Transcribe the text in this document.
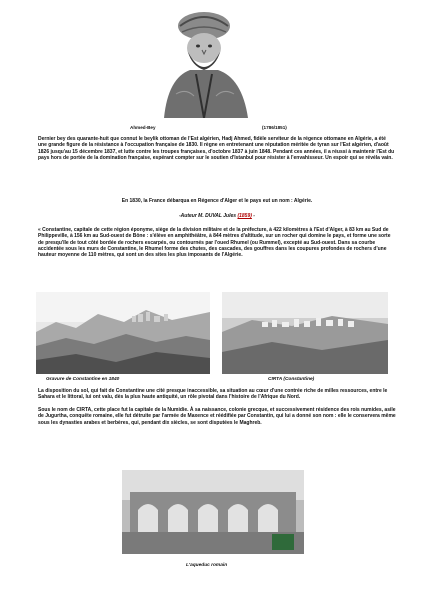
Ahmed-Bey	(1786/1851)
Dernier bey des quarante-huit que connut le beylik ottoman de l'Est algérien, Hadj Ahmed, fidèle serviteur de la régence ottomane en Algérie, a été une grande figure de la résistance à l'occupation française de 1830. Il règne en entretenant une réputation méritée de tyran sur l'Est algérien, d'août 1826 jusqu'au 15 décembre 1837, et lutte contre les troupes françaises, d'octobre 1837 à juin 1848. Pendant ces années, il a réussi à maintenir l'Est du pays hors de portée de la domination française, espérant compter sur le soutien d'Istanbul pour résister à l'envahisseur. Un espoir qui se révéla vain.
En 1830, la France débarqua en Régence d'Alger et le pays eut un nom : Algérie.
-Auteur M. DUVAL Jules (1859) -
« Constantine, capitale de cette région éponyme, siège de la division militaire et de la préfecture, à 422 kilomètres à l'Est d'Alger, à 83 km au Sud de Philippeville, à 156 km au Sud-ouest de Bône : s'élève en amphithéâtre, à 844 mètres d'altitude, sur un rocher qui domine le pays, et forme une sorte de presqu'île de tout côté bordée de rochers escarpés, ou contournés par l'oued Rhumel (ou Rummel), excepté au Sud-ouest. Dans sa courbe accidentée sous les murs de Constantine, le Rhumel forme des chutes, des cascades, des gouffres dans les coupures profondes de rochers d'une hauteur moyenne de 110 mètres, qui sont un des sites les plus imposants de l'Algérie.
Gravure de Constantine en 1840	CIRTA (Constantine)
La disposition du sol, qui fait de Constantine une cité presque inaccessible, sa situation au cœur d'une contrée riche de milles ressources, entre le Sahara et le littoral, lui ont valu, dès la plus haute antiquité, un rôle pivotal dans l'histoire de l'Afrique du Nord.
Sous le nom de CIRTA, cette place fut la capitale de la Numidie. À sa naissance, colonie grecque, et successivement résidence des rois numides, asile de Jugurtha, conquête romaine, elle fut détruite par l'armée de Maxence et réédifiée par Constantin, qui lui a donné son nom : elle le conservera même sous les dynasties arabes et berbères, qui, pendant dix siècles, se sont disputées le Maghreb.
L'aqueduc romain
